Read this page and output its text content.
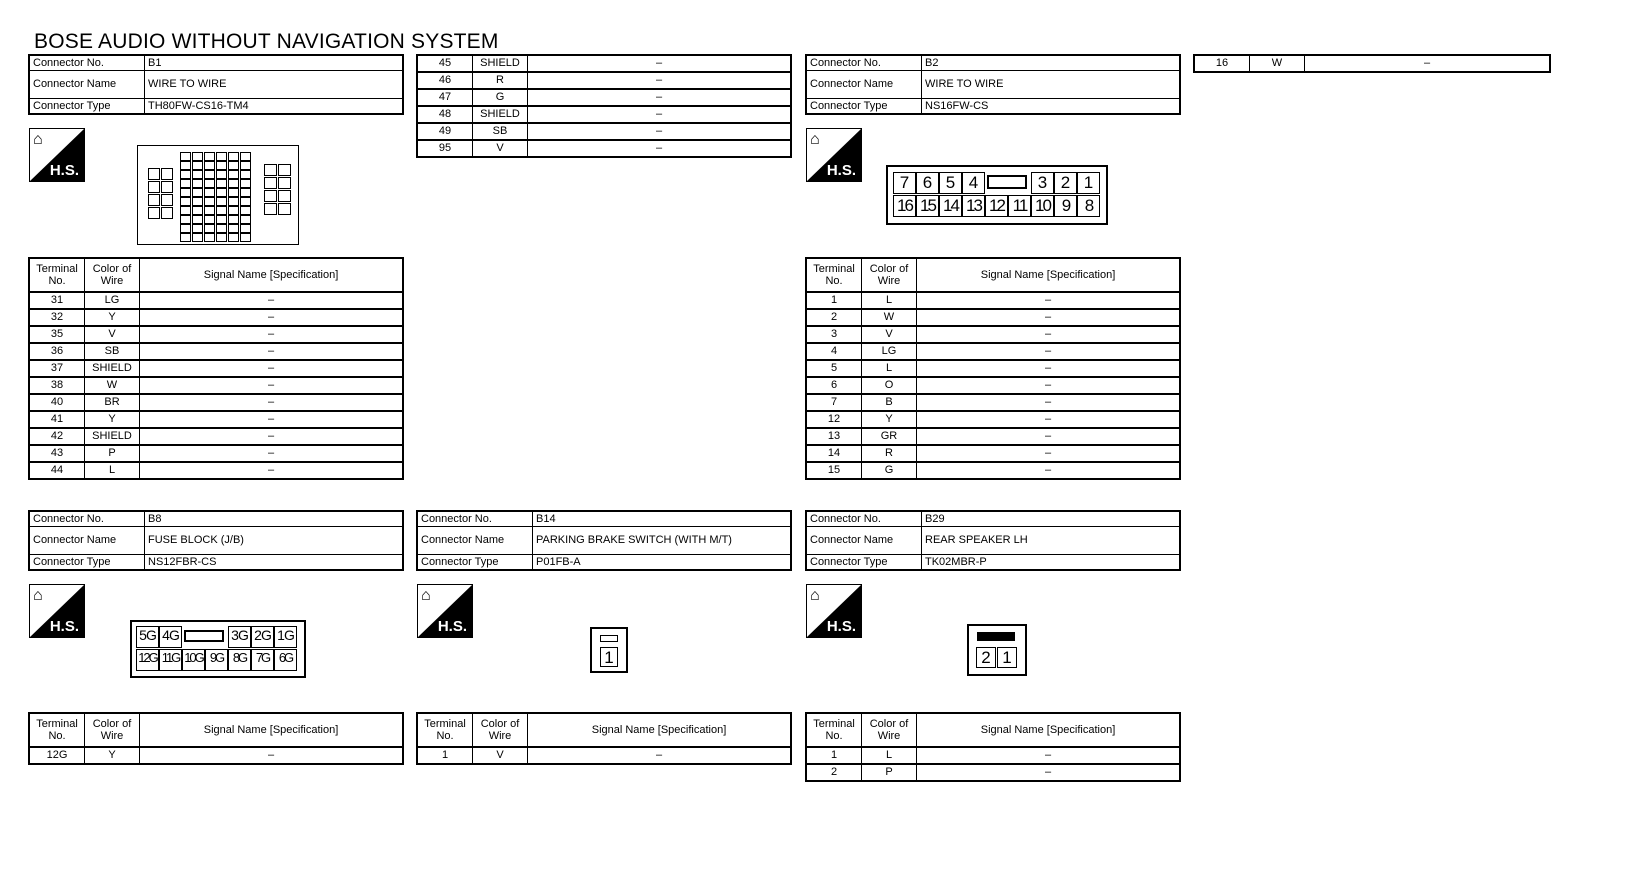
BOSE AUDIO WITHOUT NAVIGATION SYSTEM
Connector No.	B1
Connector Name	WIRE TO WIRE
Connector Type	TH80FW-CS16-TM4
⌂
H.S.
Terminal No.	Color of Wire	Signal Name [Specification]
31	LG	–
32	Y	–
35	V	–
36	SB	–
37	SHIELD	–
38	W	–
40	BR	–
41	Y	–
42	SHIELD	–
43	P	–
44	L	–
45	SHIELD	–
46	R	–
47	G	–
48	SHIELD	–
49	SB	–
95	V	–
Connector No.	B2
Connector Name	WIRE TO WIRE
Connector Type	NS16FW-CS
⌂
H.S.
7 6 5 4	3 2 1
16 15 14 13 12 11 10 9 8
Terminal No.	Color of Wire	Signal Name [Specification]
1	L	–
2	W	–
3	V	–
4	LG	–
5	L	–
6	O	–
7	B	–
12	Y	–
13	GR	–
14	R	–
15	G	–
16	W	–
Connector No.	B8
Connector Name	FUSE BLOCK (J/B)
Connector Type	NS12FBR-CS
⌂
H.S.	5G 4G	3G 2G 1G
12G 11G 10G 9G 8G 7G 6G
Terminal No.	Color of Wire	Signal Name [Specification]
12G	Y	–
Connector No.	B14
Connector Name	PARKING BRAKE SWITCH (WITH M/T)
Connector Type	P01FB-A
⌂
H.S.
1
Terminal No.	Color of Wire	Signal Name [Specification]
1	V	–
Connector No.	B29
Connector Name	REAR SPEAKER LH
Connector Type	TK02MBR-P
⌂
H.S.
2 1
Terminal No.	Color of Wire	Signal Name [Specification]
1	L	–
2	P	–
